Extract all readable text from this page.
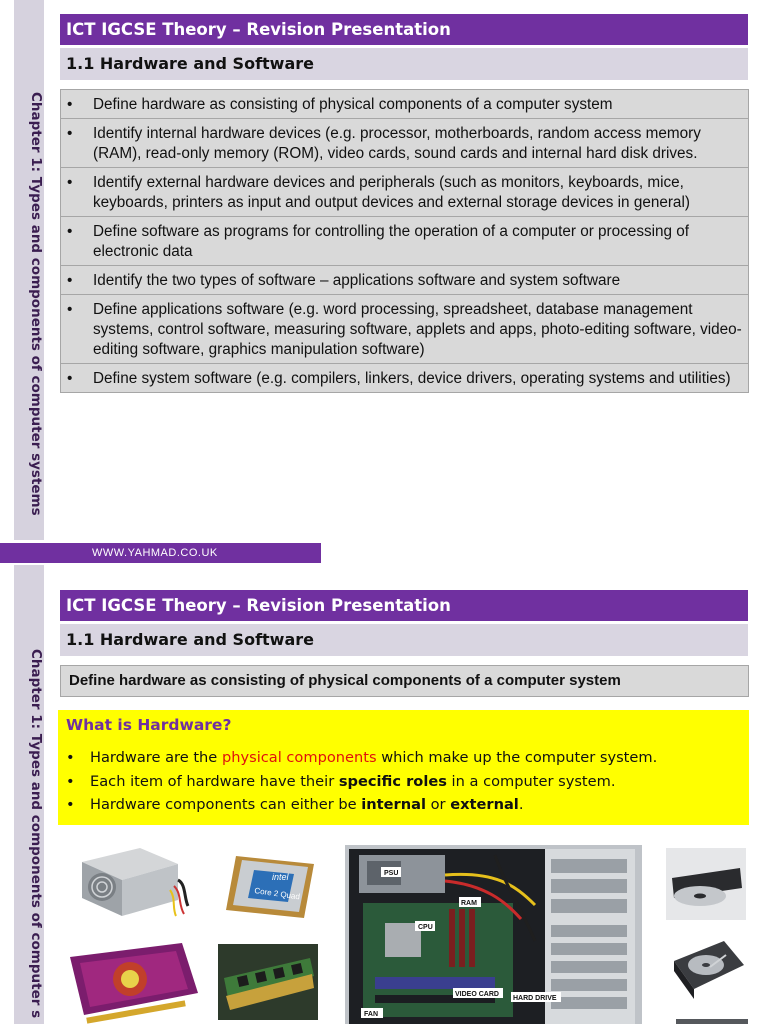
Chapter 1: Types and components of computer systems
ICT IGCSE Theory – Revision Presentation
1.1 Hardware and Software
•	Define hardware as consisting of physical components of a computer system
•	Identify internal hardware devices (e.g. processor, motherboards, random access memory (RAM), read-only memory (ROM), video cards, sound cards and internal hard disk drives.
•	Identify external hardware devices and peripherals (such as monitors, keyboards, mice, keyboards, printers as input and output devices and external storage devices in general)
•	Define software as programs for controlling the operation of a computer or processing of electronic data
•	Identify the two types of software – applications software and system software
•	Define applications software (e.g. word processing, spreadsheet, database management systems, control software, measuring software, applets and apps, photo-editing software, video-editing software, graphics manipulation software)
•	Define system software (e.g. compilers, linkers, device drivers, operating systems and utilities)
WWW.YAHMAD.CO.UK
Chapter 1: Types and components of computer s
ICT IGCSE Theory – Revision Presentation
1.1 Hardware and Software
Define hardware as consisting of physical components of a computer system
What is Hardware?
•	Hardware are the physical components which make up the computer system.
•	Each item of hardware have their specific roles in a computer system.
•	Hardware components can either be internal or external.
intel
Core 2 Quad
PSU
CPU
RAM
FAN
VIDEO CARD
HARD DRIVE
